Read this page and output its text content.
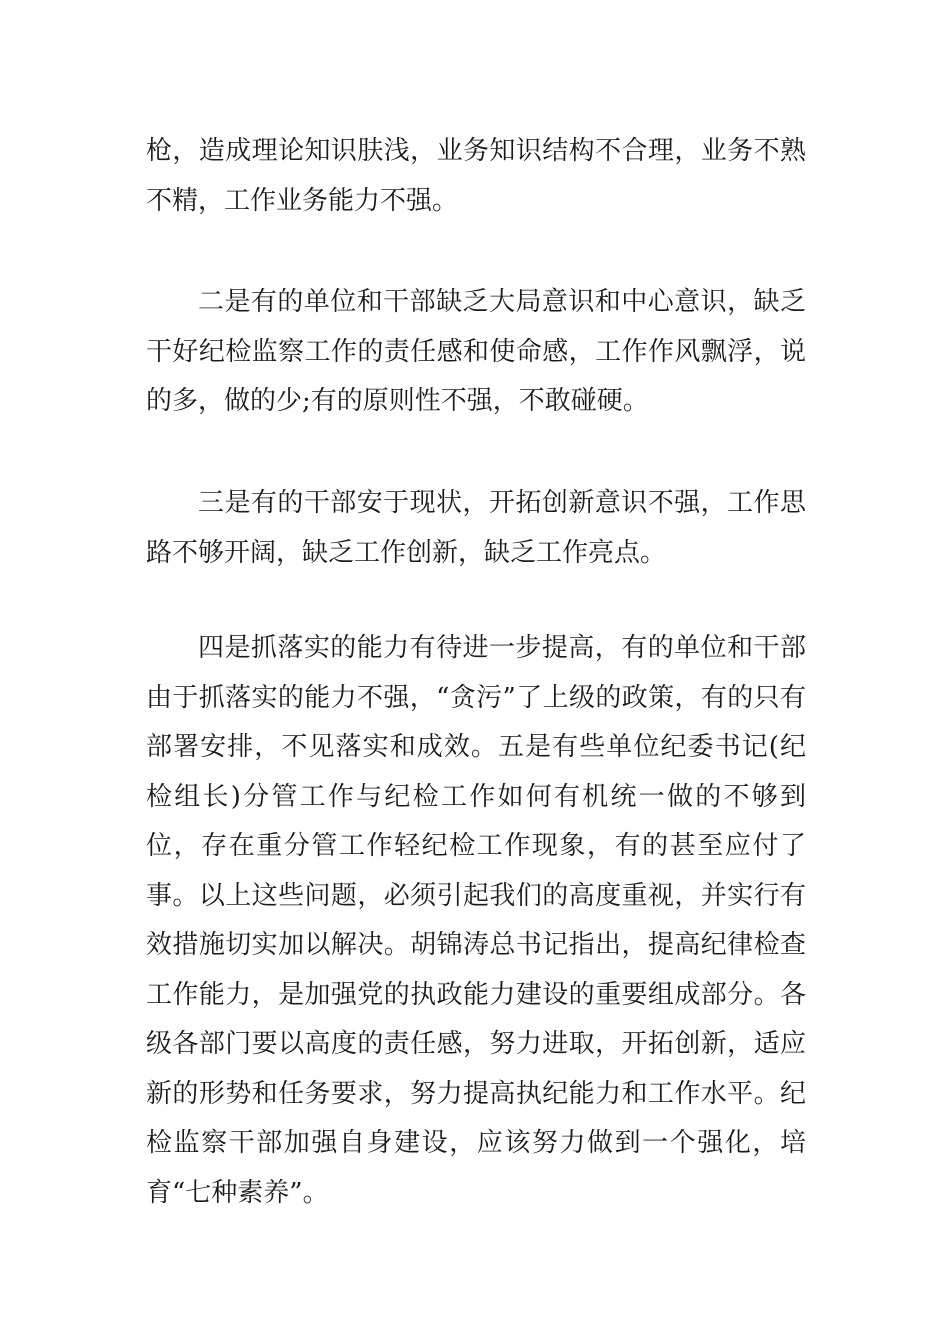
枪，造成理论知识肤浅，业务知识结构不合理，业务不熟不精，工作业务能力不强。

二是有的单位和干部缺乏大局意识和中心意识，缺乏干好纪检监察工作的责任感和使命感，工作作风飘浮，说的多，做的少;有的原则性不强，不敢碰硬。

三是有的干部安于现状，开拓创新意识不强，工作思路不够开阔，缺乏工作创新，缺乏工作亮点。

四是抓落实的能力有待进一步提高，有的单位和干部由于抓落实的能力不强，“贪污”了上级的政策，有的只有部署安排，不见落实和成效。五是有些单位纪委书记(纪检组长)分管工作与纪检工作如何有机统一做的不够到位，存在重分管工作轻纪检工作现象，有的甚至应付了事。以上这些问题，必须引起我们的高度重视，并实行有效措施切实加以解决。胡锦涛总书记指出，提高纪律检查工作能力，是加强党的执政能力建设的重要组成部分。各级各部门要以高度的责任感，努力进取，开拓创新，适应新的形势和任务要求，努力提高执纪能力和工作水平。纪检监察干部加强自身建设，应该努力做到一个强化，培育“七种素养”。
